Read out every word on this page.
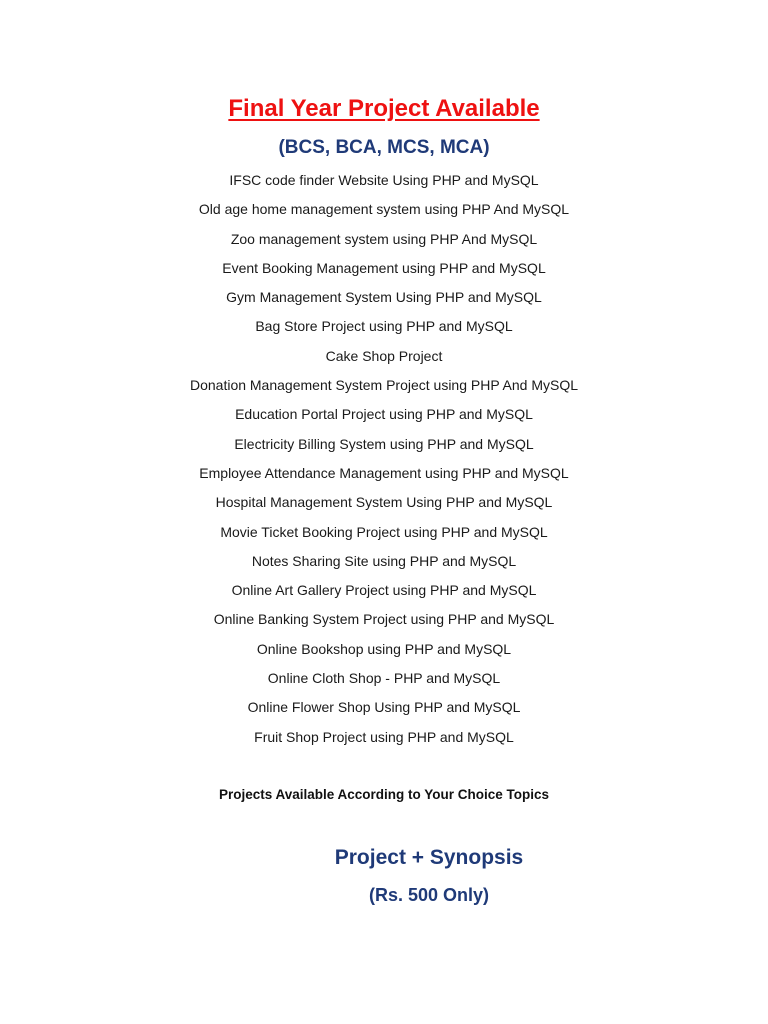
Final Year Project Available
(BCS, BCA, MCS, MCA)
IFSC code finder Website Using PHP and MySQL
Old age home management system using PHP And MySQL
Zoo management system using PHP And MySQL
Event Booking Management using PHP and MySQL
Gym Management System Using PHP and MySQL
Bag Store Project using PHP and MySQL
Cake Shop Project
Donation Management System Project using PHP And MySQL
Education Portal Project using PHP and MySQL
Electricity Billing System using PHP and MySQL
Employee Attendance Management using PHP and MySQL
Hospital Management System Using PHP and MySQL
Movie Ticket Booking Project using PHP and MySQL
Notes Sharing Site using PHP and MySQL
Online Art Gallery Project using PHP and MySQL
Online Banking System Project using PHP and MySQL
Online Bookshop using PHP and MySQL
Online Cloth Shop - PHP and MySQL
Online Flower Shop Using PHP and MySQL
Fruit Shop Project using PHP and MySQL

Projects Available According to Your Choice Topics

Project + Synopsis

(Rs. 500 Only)
